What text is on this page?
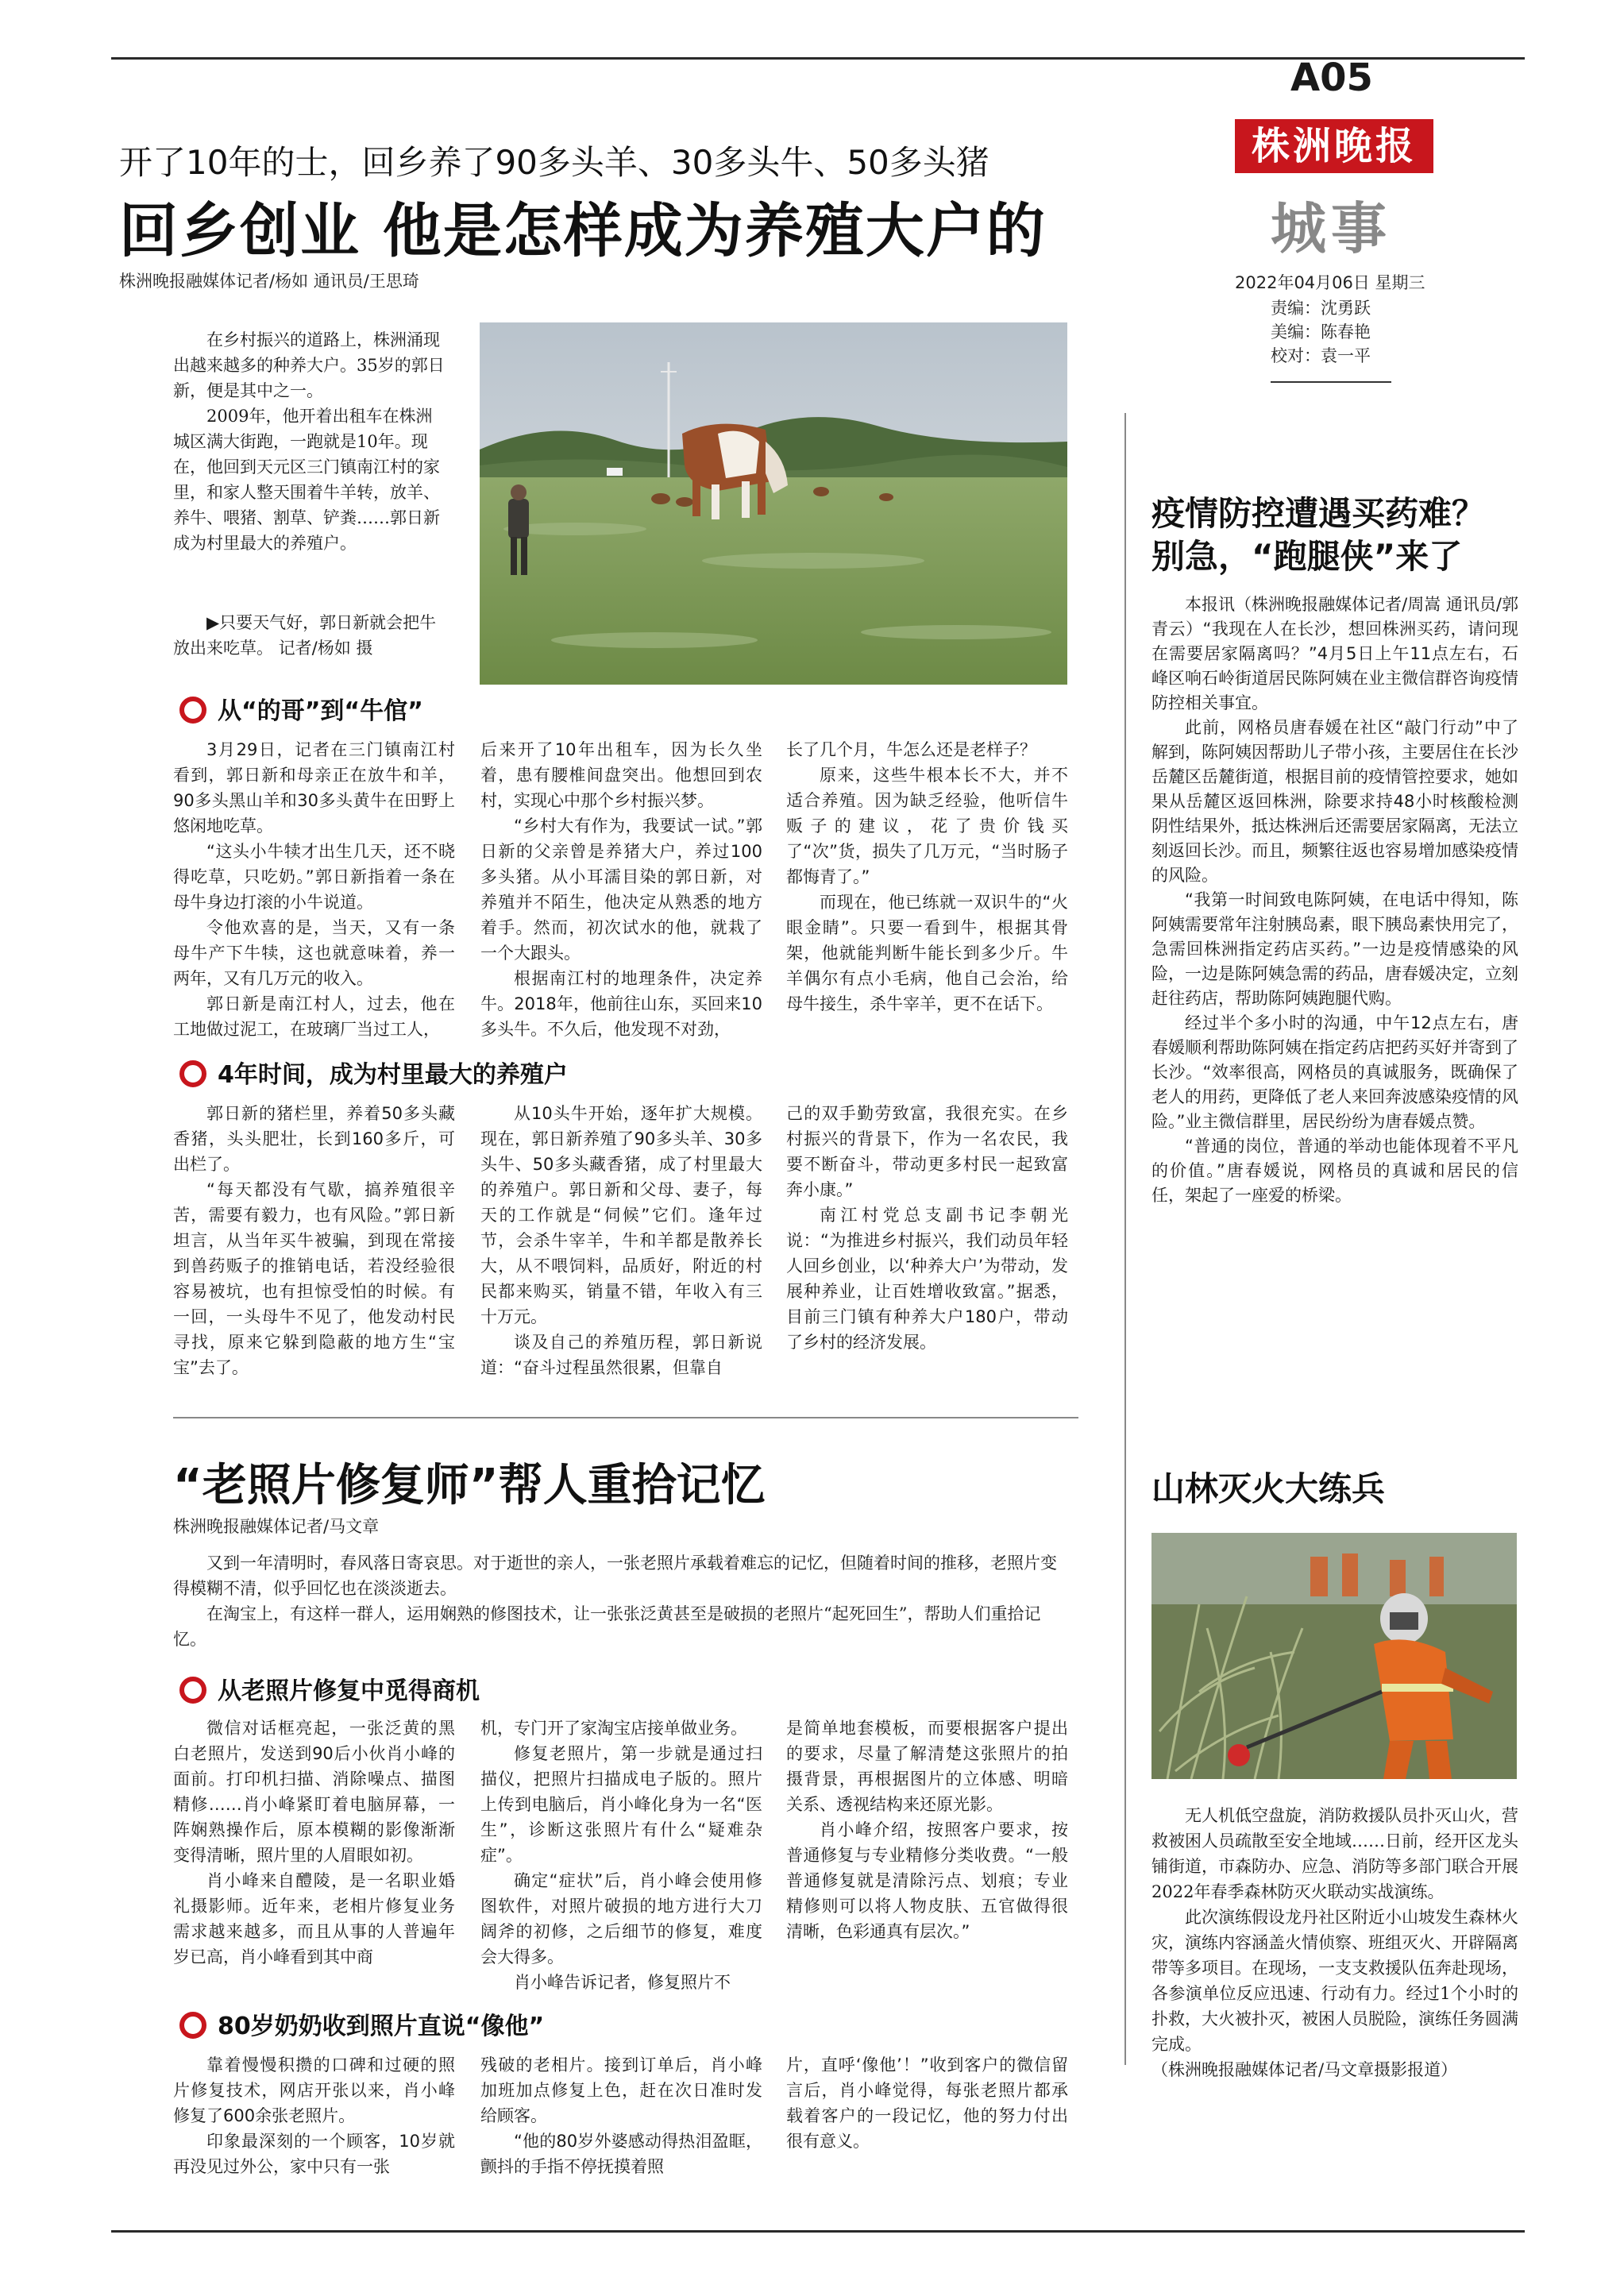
A05
株洲晚报
城事
2022年04月06日 星期三
责编：沈勇跃
美编：陈春艳
校对：袁一平
开了10年的士，回乡养了90多头羊、30多头牛、50多头猪
回乡创业 他是怎样成为养殖大户的
株洲晚报融媒体记者/杨如 通讯员/王思琦

在乡村振兴的道路上，株洲涌现出越来越多的种养大户。35岁的郭日新，便是其中之一。

2009年，他开着出租车在株洲城区满大街跑，一跑就是10年。现在，他回到天元区三门镇南江村的家里，和家人整天围着牛羊转，放羊、养牛、喂猪、割草、铲粪……郭日新成为村里最大的养殖户。

▶只要天气好，郭日新就会把牛放出来吃草。 记者/杨如 摄
从“的哥”到“牛倌”

3月29日，记者在三门镇南江村看到，郭日新和母亲正在放牛和羊，90多头黑山羊和30多头黄牛在田野上悠闲地吃草。

“这头小牛犊才出生几天，还不晓得吃草，只吃奶。”郭日新指着一条在母牛身边打滚的小牛说道。

令他欢喜的是，当天，又有一条母牛产下牛犊，这也就意味着，养一两年，又有几万元的收入。

郭日新是南江村人，过去，他在工地做过泥工，在玻璃厂当过工人，

后来开了10年出租车，因为长久坐着，患有腰椎间盘突出。他想回到农村，实现心中那个乡村振兴梦。

“乡村大有作为，我要试一试。”郭日新的父亲曾是养猪大户，养过100多头猪。从小耳濡目染的郭日新，对养殖并不陌生，他决定从熟悉的地方着手。然而，初次试水的他，就栽了一个大跟头。

根据南江村的地理条件，决定养牛。2018年，他前往山东，买回来10多头牛。不久后，他发现不对劲，

长了几个月，牛怎么还是老样子？

原来，这些牛根本长不大，并不适合养殖。因为缺乏经验，他听信牛贩子的建议，花了贵价钱买了“次”货，损失了几万元，“当时肠子都悔青了。”

而现在，他已练就一双识牛的“火眼金睛”。只要一看到牛，根据其骨架，他就能判断牛能长到多少斤。牛羊偶尔有点小毛病，他自己会治，给母牛接生，杀牛宰羊，更不在话下。

4年时间，成为村里最大的养殖户

郭日新的猪栏里，养着50多头藏香猪，头头肥壮，长到160多斤，可出栏了。

“每天都没有气歇，搞养殖很辛苦，需要有毅力，也有风险。”郭日新坦言，从当年买牛被骗，到现在常接到兽药贩子的推销电话，若没经验很容易被坑，也有担惊受怕的时候。有一回，一头母牛不见了，他发动村民寻找，原来它躲到隐蔽的地方生“宝宝”去了。

从10头牛开始，逐年扩大规模。现在，郭日新养殖了90多头羊、30多头牛、50多头藏香猪，成了村里最大的养殖户。郭日新和父母、妻子，每天的工作就是“伺候”它们。逢年过节，会杀牛宰羊，牛和羊都是散养长大，从不喂饲料，品质好，附近的村民都来购买，销量不错，年收入有三十万元。

谈及自己的养殖历程，郭日新说道：“奋斗过程虽然很累，但靠自

己的双手勤劳致富，我很充实。在乡村振兴的背景下，作为一名农民，我要不断奋斗，带动更多村民一起致富奔小康。”

南江村党总支副书记李朝光说：“为推进乡村振兴，我们动员年轻人回乡创业，以‘种养大户’为带动，发展种养业，让百姓增收致富。”据悉，目前三门镇有种养大户180户，带动了乡村的经济发展。

“老照片修复师”帮人重拾记忆
株洲晚报融媒体记者/马文章

又到一年清明时，春风落日寄哀思。对于逝世的亲人，一张老照片承载着难忘的记忆，但随着时间的推移，老照片变得模糊不清，似乎回忆也在淡淡逝去。

在淘宝上，有这样一群人，运用娴熟的修图技术，让一张张泛黄甚至是破损的老照片“起死回生”，帮助人们重拾记忆。

从老照片修复中觅得商机

微信对话框亮起，一张泛黄的黑白老照片，发送到90后小伙肖小峰的面前。打印机扫描、消除噪点、描图精修……肖小峰紧盯着电脑屏幕，一阵娴熟操作后，原本模糊的影像渐渐变得清晰，照片里的人眉眼如初。

肖小峰来自醴陵，是一名职业婚礼摄影师。近年来，老相片修复业务需求越来越多，而且从事的人普遍年岁已高，肖小峰看到其中商

机，专门开了家淘宝店接单做业务。

修复老照片，第一步就是通过扫描仪，把照片扫描成电子版的。照片上传到电脑后，肖小峰化身为一名“医生”，诊断这张照片有什么“疑难杂症”。

确定“症状”后，肖小峰会使用修图软件，对照片破损的地方进行大刀阔斧的初修，之后细节的修复，难度会大得多。

肖小峰告诉记者，修复照片不

是简单地套模板，而要根据客户提出的要求，尽量了解清楚这张照片的拍摄背景，再根据图片的立体感、明暗关系、透视结构来还原光影。

肖小峰介绍，按照客户要求，按普通修复与专业精修分类收费。“一般普通修复就是清除污点、划痕；专业精修则可以将人物皮肤、五官做得很清晰，色彩通真有层次。”

80岁奶奶收到照片直说“像他”

靠着慢慢积攒的口碑和过硬的照片修复技术，网店开张以来，肖小峰修复了600余张老照片。

印象最深刻的一个顾客，10岁就再没见过外公，家中只有一张

残破的老相片。接到订单后，肖小峰加班加点修复上色，赶在次日准时发给顾客。

“他的80岁外婆感动得热泪盈眶，颤抖的手指不停抚摸着照

片，直呼‘像他’！”收到客户的微信留言后，肖小峰觉得，每张老照片都承载着客户的一段记忆，他的努力付出很有意义。

疫情防控遭遇买药难？
别急，“跑腿侠”来了

本报讯（株洲晚报融媒体记者/周嵩 通讯员/郭青云）“我现在人在长沙，想回株洲买药，请问现在需要居家隔离吗？”4月5日上午11点左右，石峰区响石岭街道居民陈阿姨在业主微信群咨询疫情防控相关事宜。

此前，网格员唐春媛在社区“敲门行动”中了解到，陈阿姨因帮助儿子带小孩，主要居住在长沙岳麓区岳麓街道，根据目前的疫情管控要求，她如果从岳麓区返回株洲，除要求持48小时核酸检测阴性结果外，抵达株洲后还需要居家隔离，无法立刻返回长沙。而且，频繁往返也容易增加感染疫情的风险。

“我第一时间致电陈阿姨，在电话中得知，陈阿姨需要常年注射胰岛素，眼下胰岛素快用完了，急需回株洲指定药店买药。”一边是疫情感染的风险，一边是陈阿姨急需的药品，唐春媛决定，立刻赶往药店，帮助陈阿姨跑腿代购。

经过半个多小时的沟通，中午12点左右，唐春媛顺利帮助陈阿姨在指定药店把药买好并寄到了长沙。“效率很高，网格员的真诚服务，既确保了老人的用药，更降低了老人来回奔波感染疫情的风险。”业主微信群里，居民纷纷为唐春媛点赞。

“普通的岗位，普通的举动也能体现着不平凡的价值。”唐春媛说，网格员的真诚和居民的信任，架起了一座爱的桥梁。

山林灭火大练兵

无人机低空盘旋，消防救援队员扑灭山火，营救被困人员疏散至安全地域……日前，经开区龙头铺街道，市森防办、应急、消防等多部门联合开展2022年春季森林防灭火联动实战演练。

此次演练假设龙丹社区附近小山坡发生森林火灾，演练内容涵盖火情侦察、班组灭火、开辟隔离带等多项目。在现场，一支支救援队伍奔赴现场，各参演单位反应迅速、行动有力。经过1个小时的扑救，大火被扑灭，被困人员脱险，演练任务圆满完成。

（株洲晚报融媒体记者/马文章摄影报道）
